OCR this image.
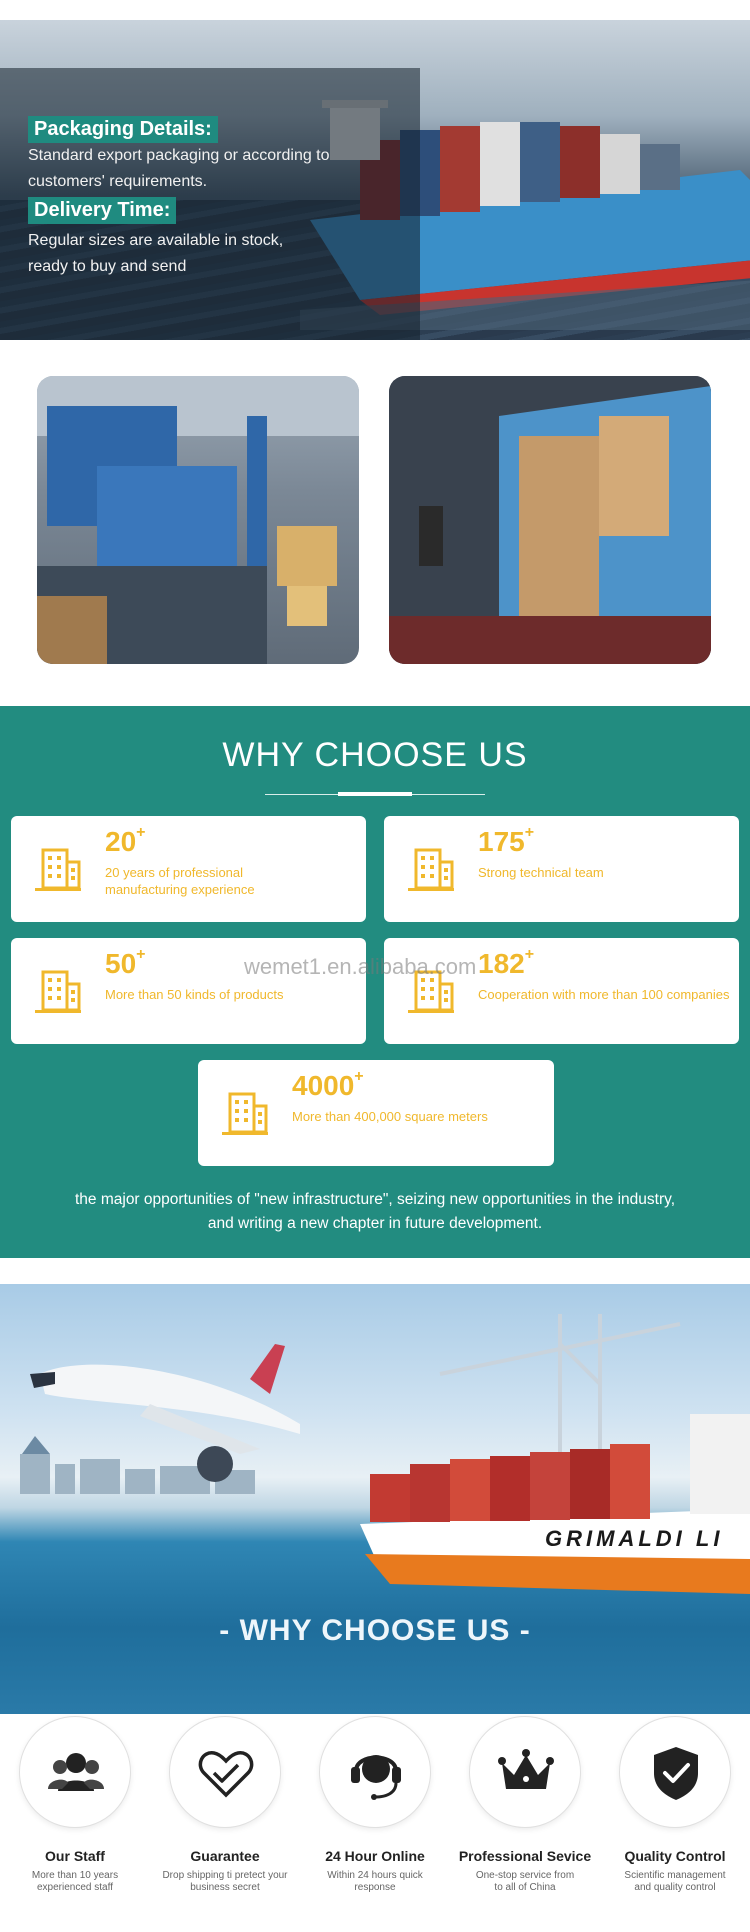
Packaging Details:
Standard export packaging or according to
customers' requirements.
Delivery Time:
Regular sizes are available in stock,
ready to buy and send
WHY CHOOSE US
20+
20 years of professional
manufacturing experience
175+
Strong technical team
50+
More than 50 kinds of products
182+
Cooperation with more than 100 companies
4000+
More than 400,000 square meters
wemet1.en.alibaba.com
the major opportunities of "new infrastructure", seizing new opportunities in the industry,
and writing a new chapter in future development.
GRIMALDI LI
- WHY CHOOSE US -
Our Staff
More than 10 years
experienced staff
Guarantee
Drop shipping ti pretect your
business secret
24 Hour Online
Within 24 hours quick
response
Professional Sevice
One-stop service from
to all of China
Quality Control
Scientific management
and quality control
